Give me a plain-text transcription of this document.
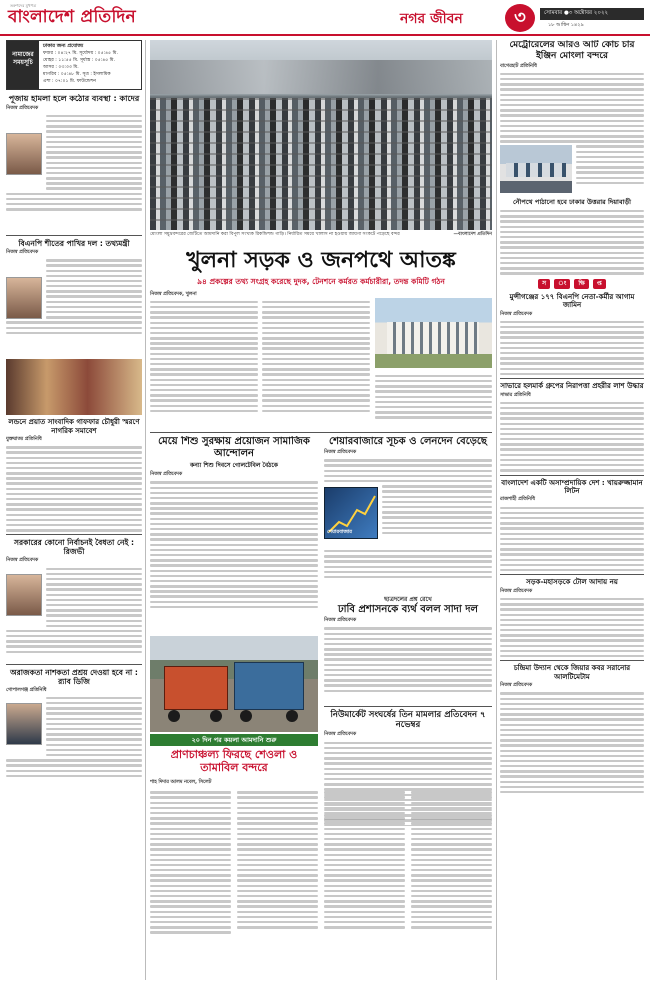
তরুণদের মুখপত্র
বাংলাদেশ প্রতিদিন	নগর জীবন	৩	সোমবার ●৩ অক্টোবর ২০২২
১৮ আশ্বিন ১৪২৯
নামাজের সময়সূচি
ঢাকার জন্য প্রযোজ্য
ফজর : ০৪:২৭ মি. সূর্যোদয় : ০৫:৪৫ মি.
যোহর : ১১:৫৫ মি. সূর্যাস্ত : ০৫:৪৫ মি.
আসর : ০৩:৩৩ মি.
মাগরিব : ০৫:৪৮ মি. সূত্র : ইসলামিক
এশা : ০৭:০১ মি. ফাউন্ডেশন
পূজায় হামলা হলে কঠোর ব্যবস্থা : কাদের
নিজস্ব প্রতিবেদক
বিএনপি শীতের পাখির দল : তথ্যমন্ত্রী
নিজস্ব প্রতিবেদক
লন্ডনে প্রয়াত সাংবাদিক গাফফার চৌধুরী স্মরণে নাগরিক সমাবেশ
যুক্তরাজ্য প্রতিনিধি
সরকারের কোনো নির্বাচনই বৈধতা নেই : রিজভী
নিজস্ব প্রতিবেদক
অরাজকতা নাশকতা প্রশ্রয় দেওয়া হবে না : র‍্যাব ডিজি
গোপালগঞ্জ প্রতিনিধি
মোংলা সমুদ্রবন্দরের জেটিতে আমদানি করা বিপুল সংখ্যক রিকন্ডিশন্ড গাড়ি। নির্ধারিত সময়ে খালাস না হওয়ায় জায়গা সংকটে পড়েছে বন্দর	—বাংলাদেশ প্রতিদিন
খুলনা সড়ক ও জনপথে আতঙ্ক
৯৪ প্রকল্পের তথ্য সংগ্রহ করেছে দুদক, টেনশনে কর্মরত কর্মচারীরা, তদন্ত কমিটি গঠন
নিজস্ব প্রতিবেদক, খুলনা
মেয়ে শিশু সুরক্ষায় প্রয়োজন সামাজিক আন্দোলন
কন্যা শিশু দিবসে গোলটেবিল বৈঠকে
নিজস্ব প্রতিবেদক
শেয়ারবাজারে সূচক ও লেনদেন বেড়েছে
নিজস্ব প্রতিবেদক
শেয়ারবাজার
ছাত্রদলের প্রশ্ন রেখে
ঢাবি প্রশাসনকে ব্যর্থ বলল সাদা দল
নিজস্ব প্রতিবেদক
নিউমার্কেট সংঘর্ষের তিন মামলার প্রতিবেদন ৭ নভেম্বর
নিজস্ব প্রতিবেদক
২০ দিন পর কয়লা আমদানি শুরু
প্রাণচাঞ্চল্য ফিরছে শেওলা ও তামাবিল বন্দরে
শাহ দিদার আলম নবেল, সিলেট
মেট্রোরেলের আরও আট কোচ চার ইঞ্জিন মোংলা বন্দরে
বাগেরহাট প্রতিনিধি
নৌপথে পাঠানো হবে ঢাকার উত্তরার দিয়াবাড়ী
স	ং	ক্ষি	প্ত
মুন্সীগঞ্জের ১৭৭ বিএনপি নেতা-কর্মীর আগাম জামিন
নিজস্ব প্রতিবেদক
সাভারে হলমার্ক গ্রুপের নিরাপত্তা প্রহরীর লাশ উদ্ধার
সাভার প্রতিনিধি
বাংলাদেশ একটি অসাম্প্রদায়িক দেশ : খায়রুজ্জামান লিটন
রাজশাহী প্রতিনিধি
সড়ক-মহাসড়কে টোল আদায় নয়
নিজস্ব প্রতিবেদক
চন্দ্রিমা উদ্যান থেকে জিয়ার কবর সরানোর আলটিমেটাম
নিজস্ব প্রতিবেদক
